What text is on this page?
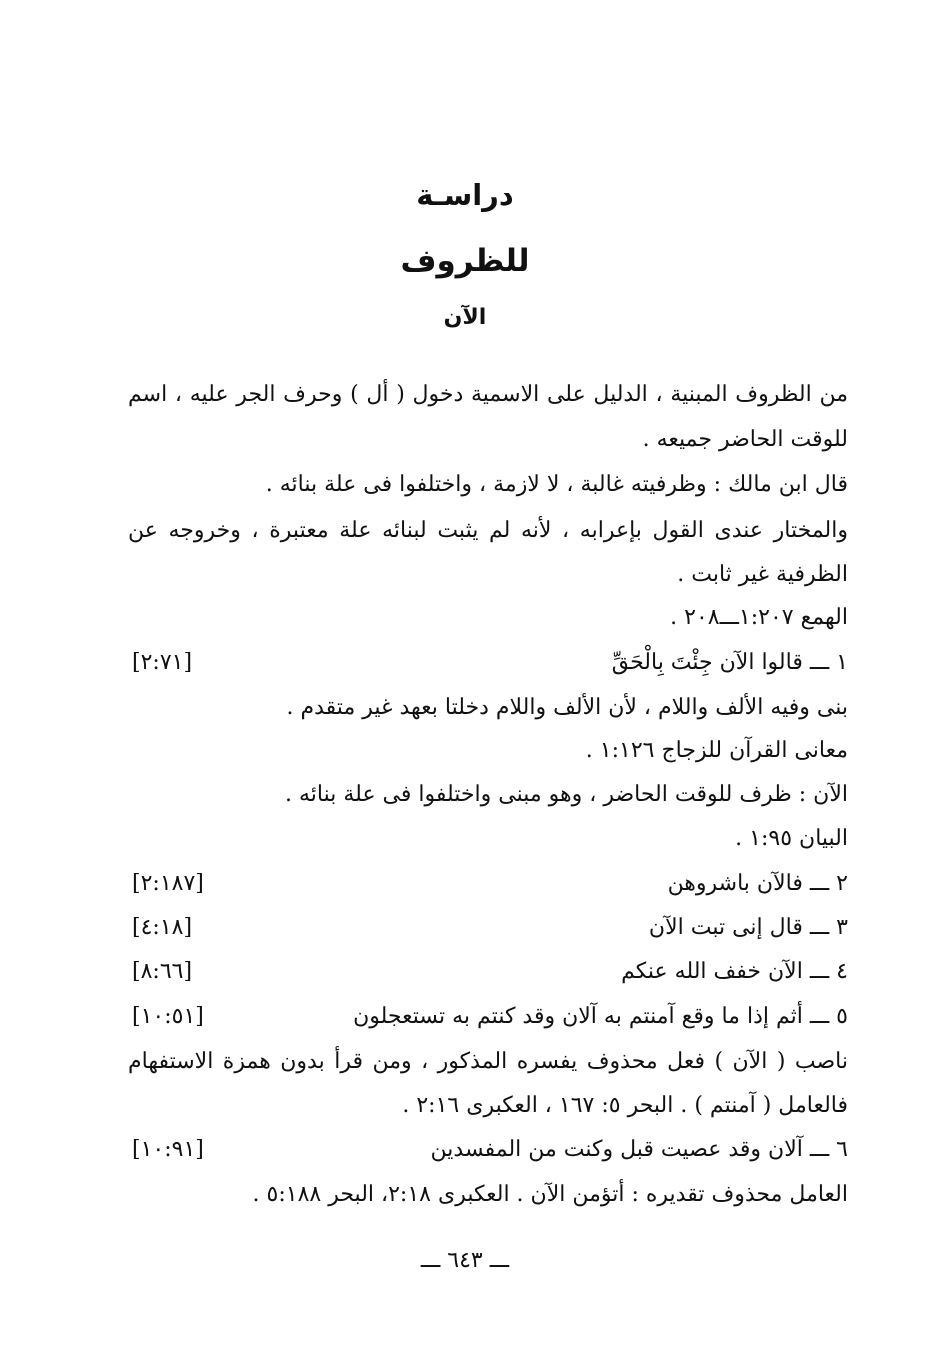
دراسـة
للظروف
الآن

من الظروف المبنية ، الدليل على الاسمية دخول ( أل ) وحرف الجر عليه ، اسم

للوقت الحاضر جميعه .

قال ابن مالك : وظرفيته غالبة ، لا لازمة ، واختلفوا فى علة بنائه .

والمختار عندى القول بإعرابه ، لأنه لم يثبت لبنائه علة معتبرة ، وخروجه عن

الظرفية غير ثابت .

الهمع ١:٢٠٧ـــ٢٠٨ .

١ ـــ قالوا الآن جِئْتَ بِالْحَقِّ
[٢:٧١]

بنى وفيه الألف واللام ، لأن الألف واللام دخلتا بعهد غير متقدم .

معانى القرآن للزجاج ١:١٢٦ .

الآن : ظرف للوقت الحاضر ، وهو مبنى واختلفوا فى علة بنائه .

البيان ١:٩٥ .

٢ ـــ فالآن باشروهن
[٢:١٨٧]
٣ ـــ قال إنى تبت الآن
[٤:١٨]
٤ ـــ الآن خفف الله عنكم
[٨:٦٦]
٥ ـــ أثم إذا ما وقع آمنتم به آلان وقد كنتم به تستعجلون
[١٠:٥١]

ناصب ( الآن ) فعل محذوف يفسره المذكور ، ومن قرأ بدون همزة الاستفهام

فالعامل ( آمنتم ) . البحر ٥: ١٦٧ ، العكبرى ٢:١٦ .

٦ ـــ آلان وقد عصيت قبل وكنت من المفسدين
[١٠:٩١]

العامل محذوف تقديره : أتؤمن الآن . العكبرى ٢:١٨، البحر ٥:١٨٨ .

ـــ ٦٤٣ ـــ
